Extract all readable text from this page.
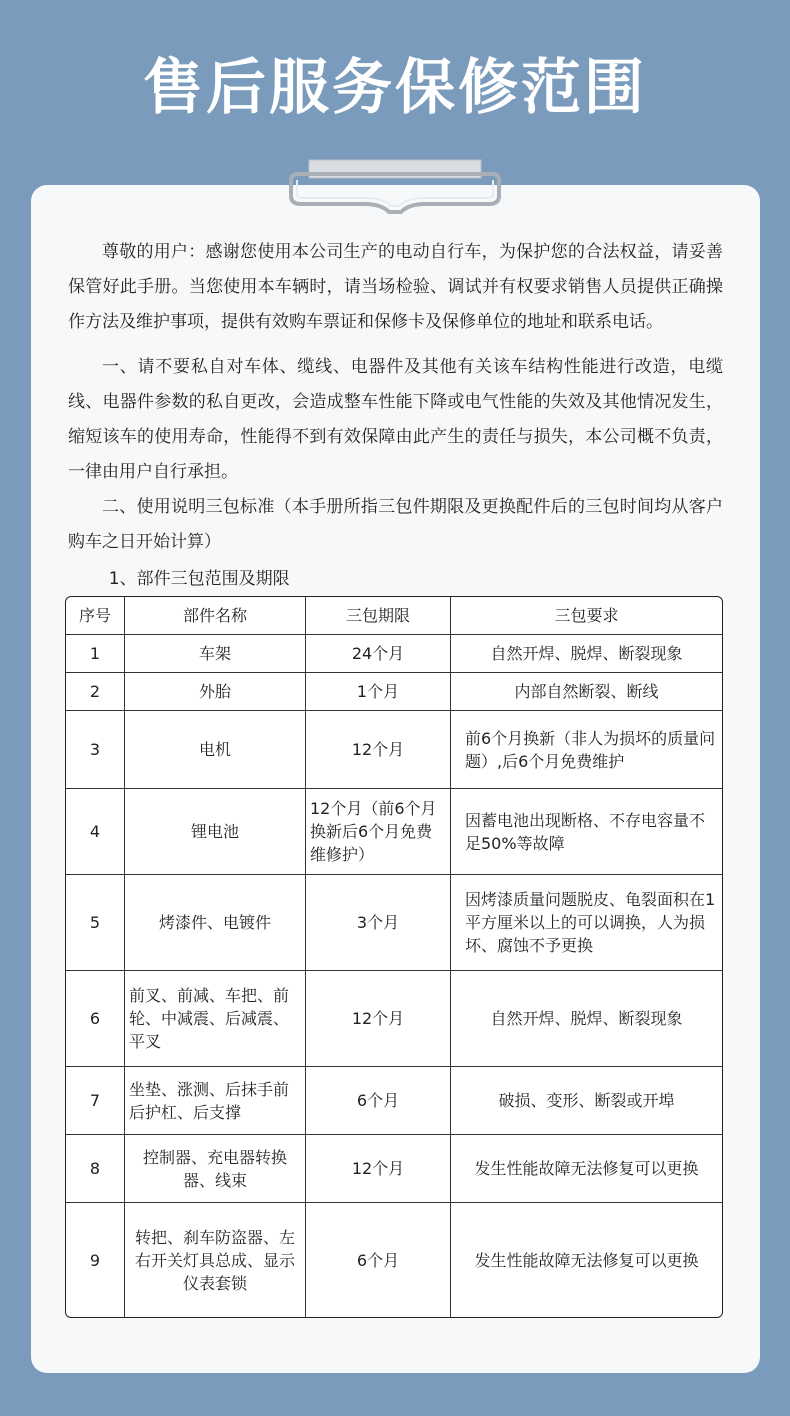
售后服务保修范围

尊敬的用户：感谢您使用本公司生产的电动自行车，为保护您的合法权益，请妥善保管好此手册。当您使用本车辆时，请当场检验、调试并有权要求销售人员提供正确操作方法及维护事项，提供有效购车票证和保修卡及保修单位的地址和联系电话。

一、请不要私自对车体、缆线、电器件及其他有关该车结构性能进行改造，电缆线、电器件参数的私自更改，会造成整车性能下降或电气性能的失效及其他情况发生，缩短该车的使用寿命，性能得不到有效保障由此产生的责任与损失，本公司概不负责，一律由用户自行承担。

二、使用说明三包标准（本手册所指三包件期限及更换配件后的三包时间均从客户购车之日开始计算）

1、部件三包范围及期限

序号	部件名称	三包期限	三包要求
1	车架	24个月	自然开焊、脱焊、断裂现象
2	外胎	1个月	内部自然断裂、断线
3	电机	12个月	前6个月换新（非人为损坏的质量问题）,后6个月免费维护
4	锂电池	12个月（前6个月换新后6个月免费维修护）	因蓄电池出现断格、不存电容量不足50%等故障
5	烤漆件、电镀件	3个月	因烤漆质量问题脱皮、龟裂面积在1平方厘米以上的可以调换，人为损坏、腐蚀不予更换
6	前叉、前减、车把、前轮、中减震、后减震、平叉	12个月	自然开焊、脱焊、断裂现象
7	坐垫、涨测、后抹手前后护杠、后支撑	6个月	破损、变形、断裂或开埠
8	控制器、充电器转换器、线束	12个月	发生性能故障无法修复可以更换
9	转把、刹车防盗器、左右开关灯具总成、显示仪表套锁	6个月	发生性能故障无法修复可以更换
